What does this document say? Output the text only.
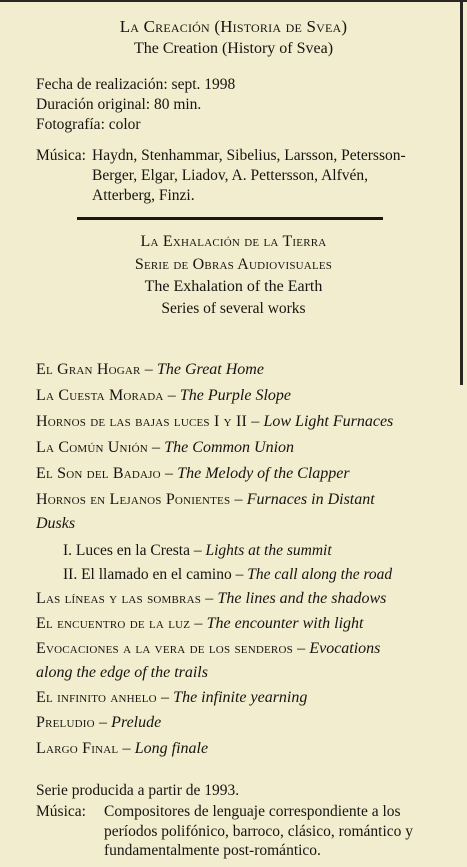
La Creación (Historia de Svea)
The Creation (History of Svea)
Fecha de realización: sept. 1998
Duración original: 80 min.
Fotografía: color
Música: Haydn, Stenhammar, Sibelius, Larsson, Petersson-
Berger, Elgar, Liadov, A. Pettersson, Alfvén,
Atterberg, Finzi.
La Exhalación de la Tierra
Serie de Obras Audiovisuales
The Exhalation of the Earth
Series of several works
El Gran Hogar – The Great Home
La Cuesta Morada – The Purple Slope
Hornos de las bajas luces I y II – Low Light Furnaces
La Común Unión – The Common Union
El Son del Badajo – The Melody of the Clapper
Hornos en Lejanos Ponientes – Furnaces in Distant
Dusks
I. Luces en la Cresta – Lights at the summit
II. El llamado en el camino – The call along the road
Las líneas y las sombras – The lines and the shadows
El encuentro de la luz – The encounter with light
Evocaciones a la vera de los senderos – Evocations
along the edge of the trails
El infinito anhelo – The infinite yearning
Preludio – Prelude
Largo Final – Long finale
Serie producida a partir de 1993.
Música: Compositores de lenguaje correspondiente a los
períodos polifónico, barroco, clásico, romántico y
fundamentalmente post-romántico.
